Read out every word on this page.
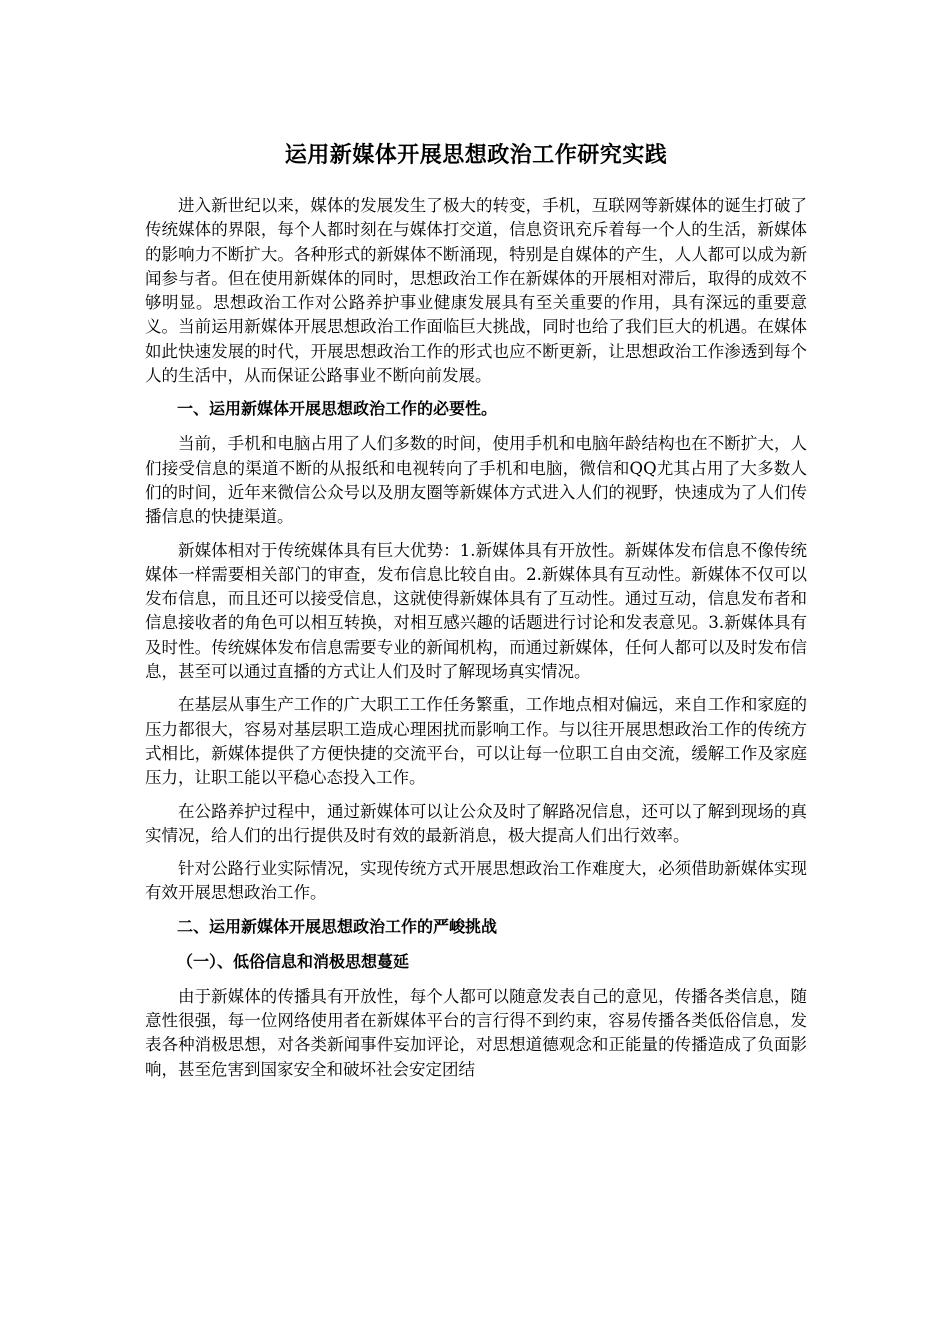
运用新媒体开展思想政治工作研究实践

进入新世纪以来，媒体的发展发生了极大的转变，手机，互联网等新媒体的诞生打破了传统媒体的界限，每个人都时刻在与媒体打交道，信息资讯充斥着每一个人的生活，新媒体的影响力不断扩大。各种形式的新媒体不断涌现，特别是自媒体的产生，人人都可以成为新闻参与者。但在使用新媒体的同时，思想政治工作在新媒体的开展相对滞后，取得的成效不够明显。思想政治工作对公路养护事业健康发展具有至关重要的作用，具有深远的重要意义。当前运用新媒体开展思想政治工作面临巨大挑战，同时也给了我们巨大的机遇。在媒体如此快速发展的时代，开展思想政治工作的形式也应不断更新，让思想政治工作渗透到每个人的生活中，从而保证公路事业不断向前发展。

一、运用新媒体开展思想政治工作的必要性。

当前，手机和电脑占用了人们多数的时间，使用手机和电脑年龄结构也在不断扩大，人们接受信息的渠道不断的从报纸和电视转向了手机和电脑，微信和QQ尤其占用了大多数人们的时间，近年来微信公众号以及朋友圈等新媒体方式进入人们的视野，快速成为了人们传播信息的快捷渠道。

新媒体相对于传统媒体具有巨大优势：1.新媒体具有开放性。新媒体发布信息不像传统媒体一样需要相关部门的审查，发布信息比较自由。2.新媒体具有互动性。新媒体不仅可以发布信息，而且还可以接受信息，这就使得新媒体具有了互动性。通过互动，信息发布者和信息接收者的角色可以相互转换，对相互感兴趣的话题进行讨论和发表意见。3.新媒体具有及时性。传统媒体发布信息需要专业的新闻机构，而通过新媒体，任何人都可以及时发布信息，甚至可以通过直播的方式让人们及时了解现场真实情况。

在基层从事生产工作的广大职工工作任务繁重，工作地点相对偏远，来自工作和家庭的压力都很大，容易对基层职工造成心理困扰而影响工作。与以往开展思想政治工作的传统方式相比，新媒体提供了方便快捷的交流平台，可以让每一位职工自由交流，缓解工作及家庭压力，让职工能以平稳心态投入工作。

在公路养护过程中，通过新媒体可以让公众及时了解路况信息，还可以了解到现场的真实情况，给人们的出行提供及时有效的最新消息，极大提高人们出行效率。

针对公路行业实际情况，实现传统方式开展思想政治工作难度大，必须借助新媒体实现有效开展思想政治工作。

二、运用新媒体开展思想政治工作的严峻挑战
（一）、低俗信息和消极思想蔓延

由于新媒体的传播具有开放性，每个人都可以随意发表自己的意见，传播各类信息，随意性很强，每一位网络使用者在新媒体平台的言行得不到约束，容易传播各类低俗信息，发表各种消极思想，对各类新闻事件妄加评论，对思想道德观念和正能量的传播造成了负面影响，甚至危害到国家安全和破坏社会安定团结
